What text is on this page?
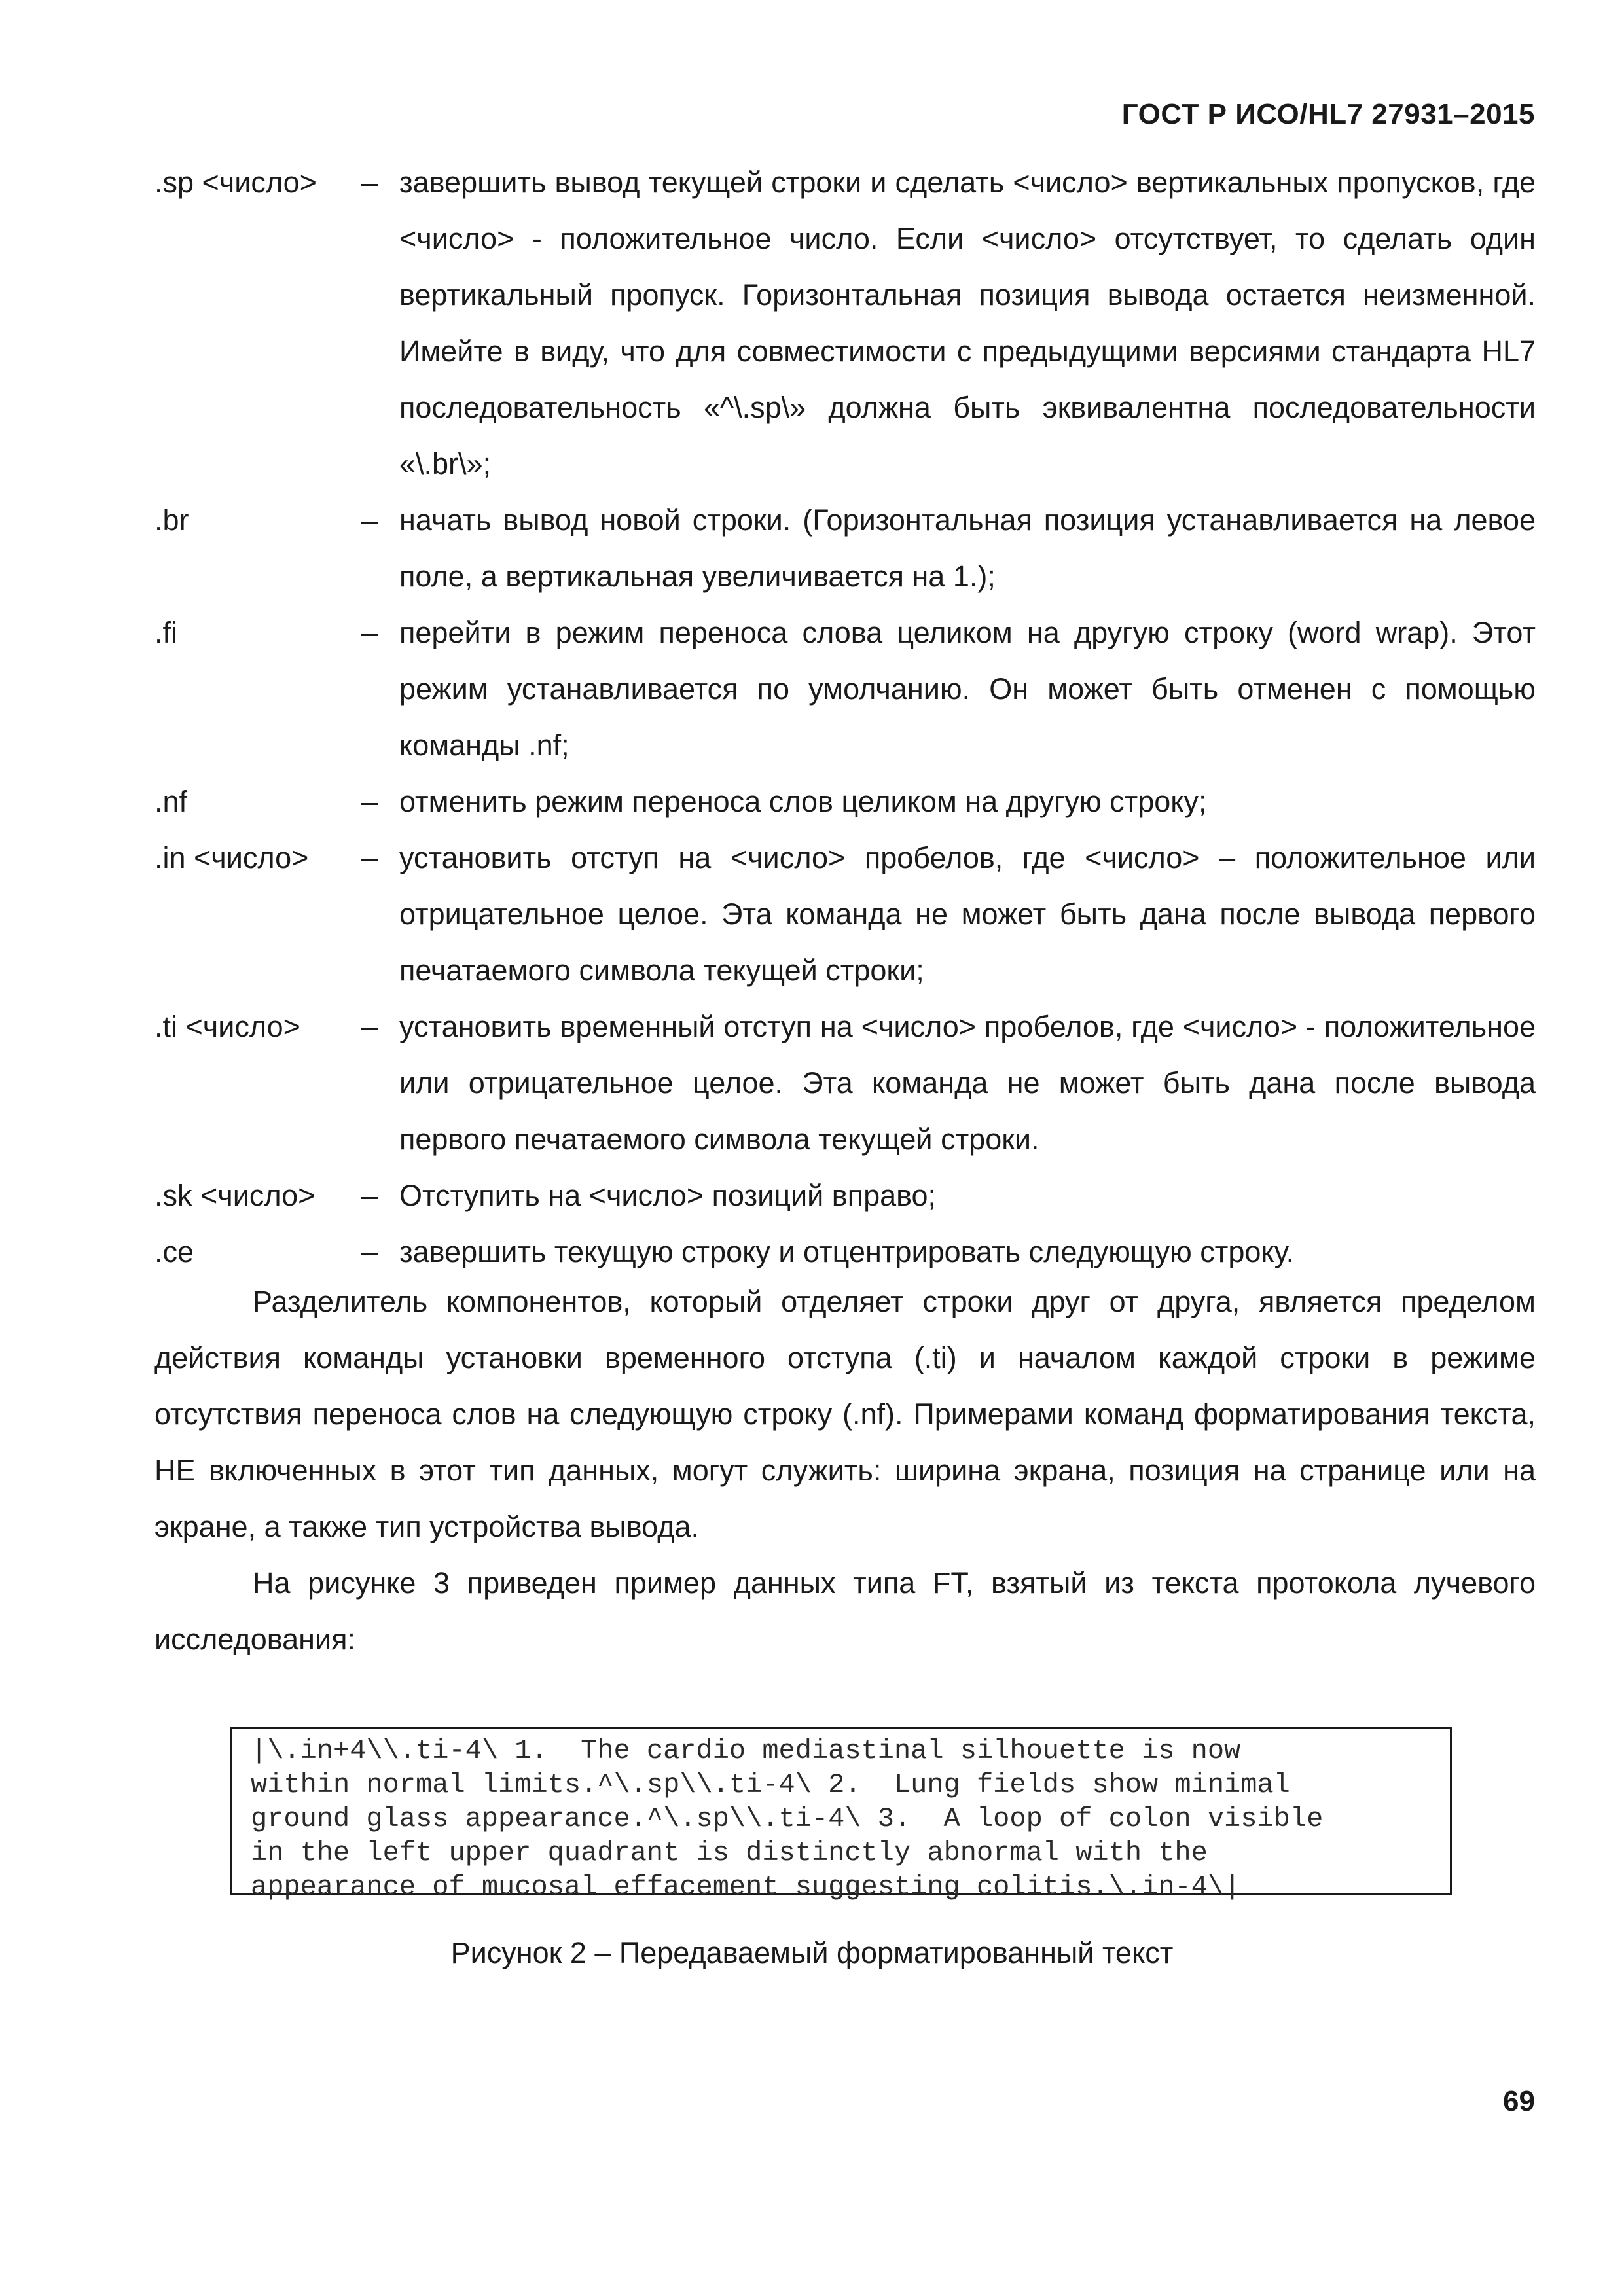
ГОСТ Р ИСО/HL7 27931–2015
.sp <число> – завершить вывод текущей строки и сделать <число> вертикальных пропусков, где <число> - положительное число. Если <число> отсутствует, то сделать один вертикальный пропуск. Горизонтальная позиция вывода остается неизменной. Имейте в виду, что для совместимости с предыдущими версиями стандарта HL7 последовательность «^\.sp\» должна быть эквивалентна последовательности «\.br\»;
.br	– начать вывод новой строки. (Горизонтальная позиция устанавливается на левое поле, а вертикальная увеличивается на 1.);
.fi	– перейти в режим переноса слова целиком на другую строку (word wrap). Этот режим устанавливается по умолчанию. Он может быть отменен с помощью команды .nf;
.nf	– отменить режим переноса слов целиком на другую строку;
.in <число> – установить отступ на <число> пробелов, где <число> – положительное или отрицательное целое. Эта команда не может быть дана после вывода первого печатаемого символа текущей строки;
.ti <число> – установить временный отступ на <число> пробелов, где <число> - положительное или отрицательное целое. Эта команда не может быть дана после вывода первого печатаемого символа текущей строки.
.sk <число> – Отступить на <число> позиций вправо;
.ce	– завершить текущую строку и отцентрировать следующую строку.

Разделитель компонентов, который отделяет строки друг от друга, является пределом действия команды установки временного отступа (.ti) и началом каждой строки в режиме отсутствия переноса слов на следующую строку (.nf). Примерами команд форматирования текста, НЕ включенных в этот тип данных, могут служить: ширина экрана, позиция на странице или на экране, а также тип устройства вывода.

На рисунке 3 приведен пример данных типа FT, взятый из текста протокола лучевого исследования:

|\.in+4\\.ti-4\ 1.  The cardio mediastinal silhouette is now
within normal limits.^\.sp\\.ti-4\ 2.  Lung fields show minimal
ground glass appearance.^\.sp\\.ti-4\ 3.  A loop of colon visible
in the left upper quadrant is distinctly abnormal with the
appearance of mucosal effacement suggesting colitis.\.in-4\|
Рисунок 2 – Передаваемый форматированный текст
69
